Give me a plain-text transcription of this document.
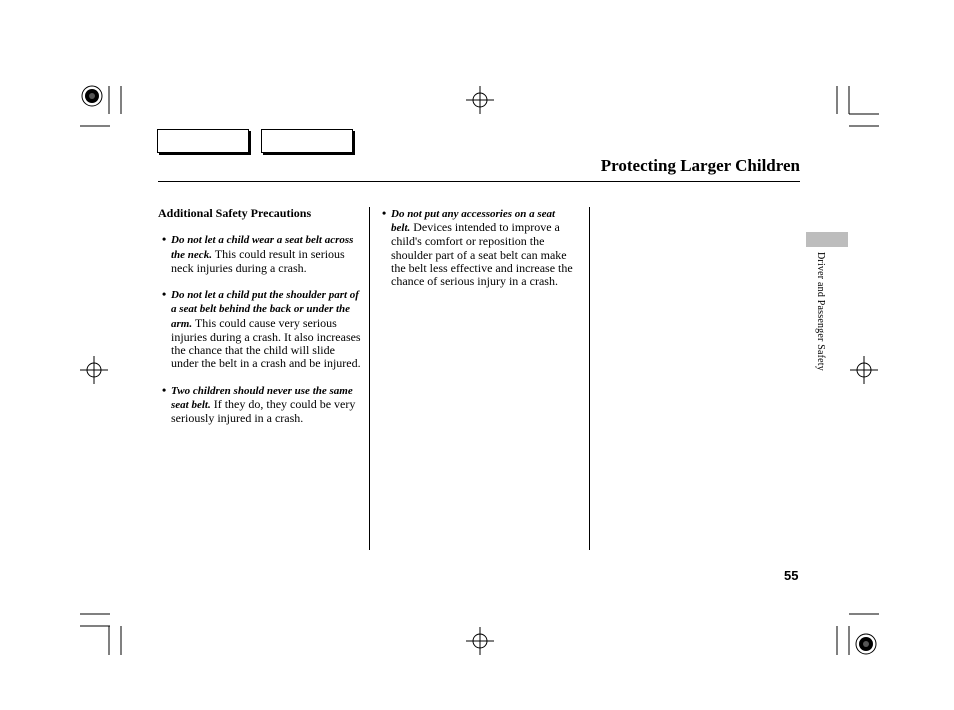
Protecting Larger Children

Additional Safety Precautions

• Do not let a child wear a seat belt across the neck. This could result in serious neck injuries during a crash.
• Do not let a child put the shoulder part of a seat belt behind the back or under the arm. This could cause very serious injuries during a crash. It also increases the chance that the child will slide under the belt in a crash and be injured.
• Two children should never use the same seat belt. If they do, they could be very seriously injured in a crash.
• Do not put any accessories on a seat belt. Devices intended to improve a child's comfort or reposition the shoulder part of a seat belt can make the belt less effective and increase the chance of serious injury in a crash.	Driver and Passenger Safety
55
